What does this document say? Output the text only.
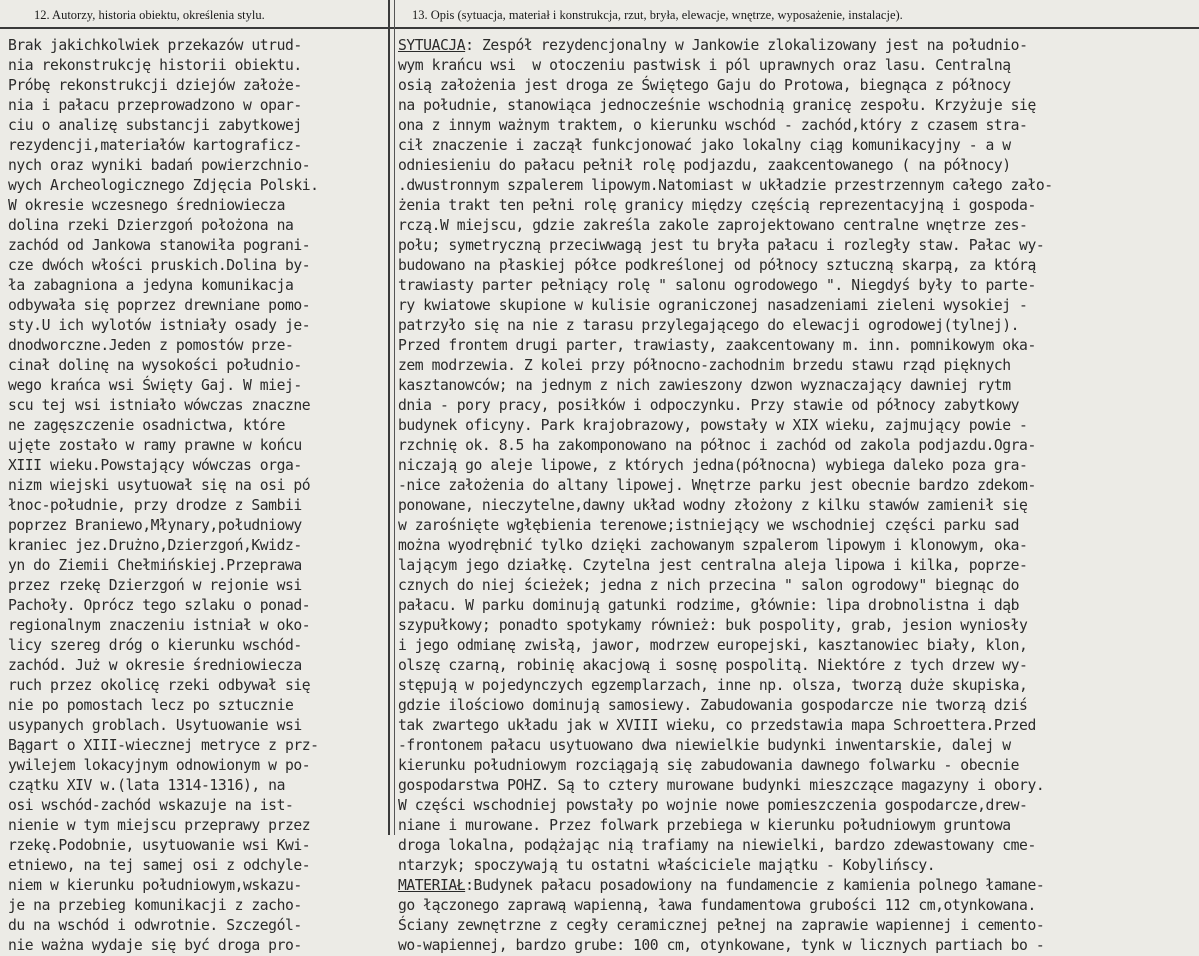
12. Autorzy, historia obiektu, określenia stylu.	13. Opis (sytuacja, materiał i konstrukcja, rzut, bryła, elewacje, wnętrze, wyposażenie, instalacje).
Brak jakichkolwiek przekazów utrud-
nia rekonstrukcję historii obiektu.
Próbę rekonstrukcji dziejów założe-
nia i pałacu przeprowadzono w opar-
ciu o analizę substancji zabytkowej
rezydencji,materiałów kartograficz-
nych oraz wyniki badań powierzchnio-
wych Archeologicznego Zdjęcia Polski.
W okresie wczesnego średniowiecza
dolina rzeki Dzierzgoń położona na
zachód od Jankowa stanowiła pograni-
cze dwóch włości pruskich.Dolina by-
ła zabagniona a jedyna komunikacja
odbywała się poprzez drewniane pomo-
sty.U ich wylotów istniały osady je-
dnodworczne.Jeden z pomostów prze-
cinał dolinę na wysokości południo-
wego krańca wsi Święty Gaj. W miej-
scu tej wsi istniało wówczas znaczne
ne zagęszczenie osadnictwa, które
ujęte zostało w ramy prawne w końcu
XIII wieku.Powstający wówczas orga-
nizm wiejski usytuował się na osi pó
łnoc-południe, przy drodze z Sambii
poprzez Braniewo,Młynary,południowy
kraniec jez.Drużno,Dzierzgoń,Kwidz-
yn do Ziemii Chełmińskiej.Przeprawa
przez rzekę Dzierzgoń w rejonie wsi
Pachoły. Oprócz tego szlaku o ponad-
regionalnym znaczeniu istniał w oko-
licy szereg dróg o kierunku wschód-
zachód. Już w okresie średniowiecza
ruch przez okolicę rzeki odbywał się
nie po pomostach lecz po sztucznie
usypanych groblach. Usytuowanie wsi
Bągart o XIII-wiecznej metryce z prz-
ywilejem lokacyjnym odnowionym w po-
czątku XIV w.(lata 1314-1316), na
osi wschód-zachód wskazuje na ist-
nienie w tym miejscu przeprawy przez
rzekę.Podobnie, usytuowanie wsi Kwi-
etniewo, na tej samej osi z odchyle-
niem w kierunku południowym,wskazu-
je na przebieg komunikacji z zacho-
du na wschód i odwrotnie. Szczegól-
nie ważna wydaje się być droga pro-
SYTUACJA: Zespół rezydencjonalny w Jankowie zlokalizowany jest na południo-
wym krańcu wsi  w otoczeniu pastwisk i pól uprawnych oraz lasu. Centralną
osią założenia jest droga ze Świętego Gaju do Protowa, biegnąca z północy
na południe, stanowiąca jednocześnie wschodnią granicę zespołu. Krzyżuje się
ona z innym ważnym traktem, o kierunku wschód - zachód,który z czasem stra-
cił znaczenie i zaczął funkcjonować jako lokalny ciąg komunikacyjny - a w
odniesieniu do pałacu pełnił rolę podjazdu, zaakcentowanego ( na północy)
.dwustronnym szpalerem lipowym.Natomiast w układzie przestrzennym całego zało-
żenia trakt ten pełni rolę granicy między częścią reprezentacyjną i gospoda-
rczą.W miejscu, gdzie zakreśla zakole zaprojektowano centralne wnętrze zes-
połu; symetryczną przeciwwagą jest tu bryła pałacu i rozległy staw. Pałac wy-
budowano na płaskiej półce podkreślonej od północy sztuczną skarpą, za którą
trawiasty parter pełniący rolę " salonu ogrodowego ". Niegdyś były to parte-
ry kwiatowe skupione w kulisie ograniczonej nasadzeniami zieleni wysokiej -
patrzyło się na nie z tarasu przylegającego do elewacji ogrodowej(tylnej).
Przed frontem drugi parter, trawiasty, zaakcentowany m. inn. pomnikowym oka-
zem modrzewia. Z kolei przy północno-zachodnim brzedu stawu rząd pięknych
kasztanowców; na jednym z nich zawieszony dzwon wyznaczający dawniej rytm
dnia - pory pracy, posiłków i odpoczynku. Przy stawie od północy zabytkowy
budynek oficyny. Park krajobrazowy, powstały w XIX wieku, zajmujący powie -
rzchnię ok. 8.5 ha zakomponowano na północ i zachód od zakola podjazdu.Ogra-
niczają go aleje lipowe, z których jedna(północna) wybiega daleko poza gra-
-nice założenia do altany lipowej. Wnętrze parku jest obecnie bardzo zdekom-
ponowane, nieczytelne,dawny układ wodny złożony z kilku stawów zamienił się
w zarośnięte wgłębienia terenowe;istniejący we wschodniej części parku sad
można wyodrębnić tylko dzięki zachowanym szpalerom lipowym i klonowym, oka-
lającym jego działkę. Czytelna jest centralna aleja lipowa i kilka, poprze-
cznych do niej ścieżek; jedna z nich przecina " salon ogrodowy" biegnąc do
pałacu. W parku dominują gatunki rodzime, głównie: lipa drobnolistna i dąb
szypułkowy; ponadto spotykamy również: buk pospolity, grab, jesion wyniosły
i jego odmianę zwisłą, jawor, modrzew europejski, kasztanowiec biały, klon,
olszę czarną, robinię akacjową i sosnę pospolitą. Niektóre z tych drzew wy-
stępują w pojedynczych egzemplarzach, inne np. olsza, tworzą duże skupiska,
gdzie ilościowo dominują samosiewy. Zabudowania gospodarcze nie tworzą dziś
tak zwartego układu jak w XVIII wieku, co przedstawia mapa Schroettera.Przed
-frontonem pałacu usytuowano dwa niewielkie budynki inwentarskie, dalej w
kierunku południowym rozciągają się zabudowania dawnego folwarku - obecnie
gospodarstwa POHZ. Są to cztery murowane budynki mieszczące magazyny i obory.
W części wschodniej powstały po wojnie nowe pomieszczenia gospodarcze,drew-
niane i murowane. Przez folwark przebiega w kierunku południowym gruntowa
droga lokalna, podążając nią trafiamy na niewielki, bardzo zdewastowany cme-
ntarzyk; spoczywają tu ostatni właściciele majątku - Kobylińscy.
MATERIAŁ:Budynek pałacu posadowiony na fundamencie z kamienia polnego łamane-
go łączonego zaprawą wapienną, ława fundamentowa grubości 112 cm,otynkowana.
Ściany zewnętrzne z cegły ceramicznej pełnej na zaprawie wapiennej i cemento-
wo-wapiennej, bardzo grube: 100 cm, otynkowane, tynk w licznych partiach bo -
